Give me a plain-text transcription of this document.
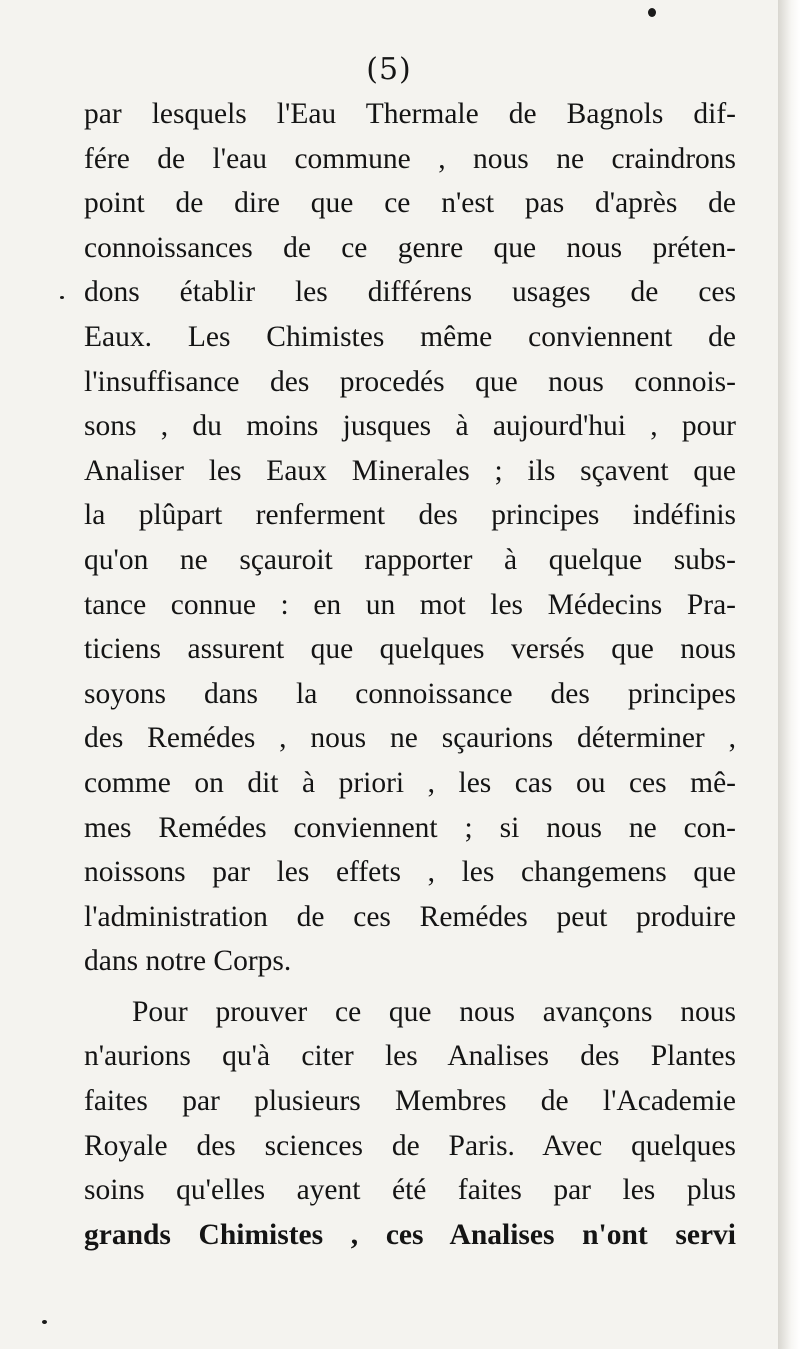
(5)
par lesquels l'Eau Thermale de Bagnols dif-
fére de l'eau commune , nous ne craindrons
point de dire que ce n'est pas d'après de
connoissances de ce genre que nous préten-
dons établir les différens usages de ces
Eaux. Les Chimistes même conviennent de
l'insuffisance des procedés que nous connois-
sons , du moins jusques à aujourd'hui , pour
Analiser les Eaux Minerales ; ils sçavent que
la plûpart renferment des principes indéfinis
qu'on ne sçauroit rapporter à quelque subs-
tance connue : en un mot les Médecins Pra-
ticiens assurent que quelques versés que nous
soyons dans la connoissance des principes
des Remédes , nous ne sçaurions déterminer ,
comme on dit à priori , les cas ou ces mê-
mes Remédes conviennent ; si nous ne con-
noissons par les effets , les changemens que
l'administration de ces Remédes peut produire
dans notre Corps.
Pour prouver ce que nous avançons nous
n'aurions qu'à citer les Analises des Plantes
faites par plusieurs Membres de l'Academie
Royale des sciences de Paris. Avec quelques
soins qu'elles ayent été faites par les plus
grands Chimistes , ces Analises n'ont servi
